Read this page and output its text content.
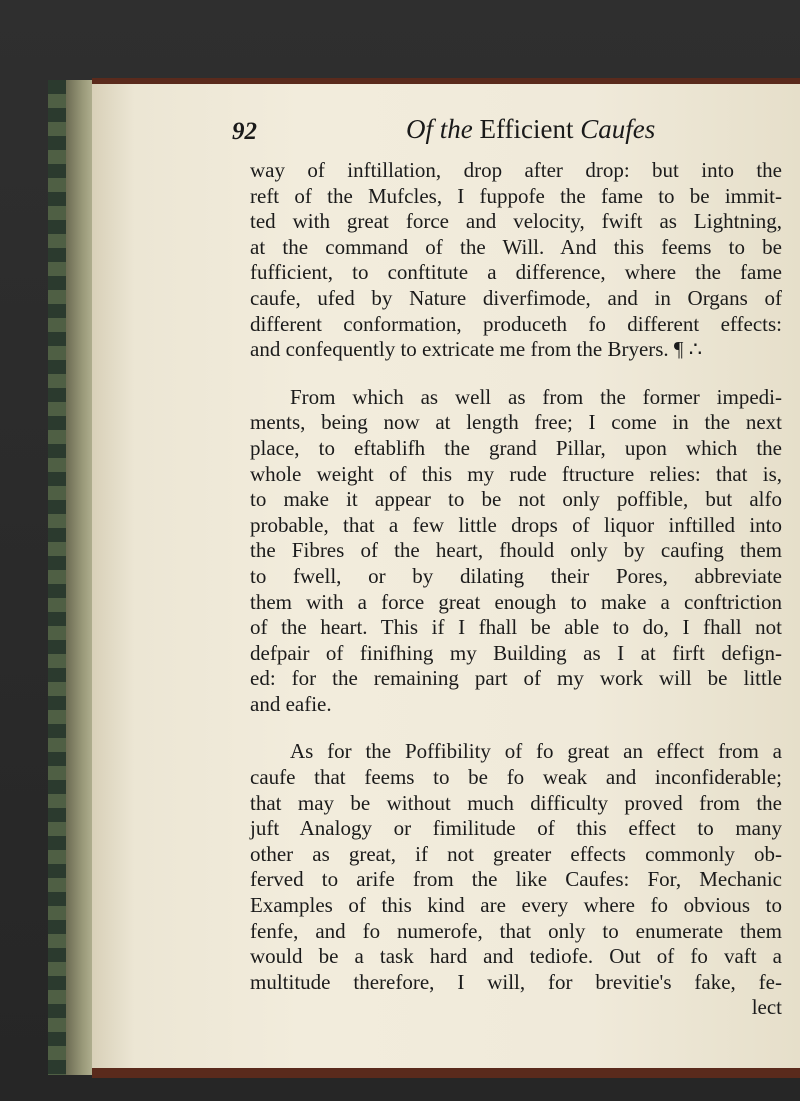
92	Of the Efficient Caufes
way of inftillation, drop after drop: but into the
reft of the Mufcles, I fuppofe the fame to be immit-
ted with great force and velocity, fwift as Lightning,
at the command of the Will. And this feems to be
fufficient, to conftitute a difference, where the fame
caufe, ufed by Nature diverfimode, and in Organs of
different conformation, produceth fo different effects:
and confequently to extricate me from the Bryers. ¶ ∴
From which as well as from the former impedi-
ments, being now at length free; I come in the next
place, to eftablifh the grand Pillar, upon which the
whole weight of this my rude ftructure relies: that is,
to make it appear to be not only poffible, but alfo
probable, that a few little drops of liquor inftilled into
the Fibres of the heart, fhould only by caufing them
to fwell, or by dilating their Pores, abbreviate
them with a force great enough to make a conftriction
of the heart. This if I fhall be able to do, I fhall not
defpair of finifhing my Building as I at firft defign-
ed: for the remaining part of my work will be little
and eafie.
As for the Poffibility of fo great an effect from a
caufe that feems to be fo weak and inconfiderable;
that may be without much difficulty proved from the
juft Analogy or fimilitude of this effect to many
other as great, if not greater effects commonly ob-
ferved to arife from the like Caufes: For, Mechanic
Examples of this kind are every where fo obvious to
fenfe, and fo numerofe, that only to enumerate them
would be a task hard and tediofe. Out of fo vaft a
multitude therefore, I will, for brevitie's fake, fe-
lect
